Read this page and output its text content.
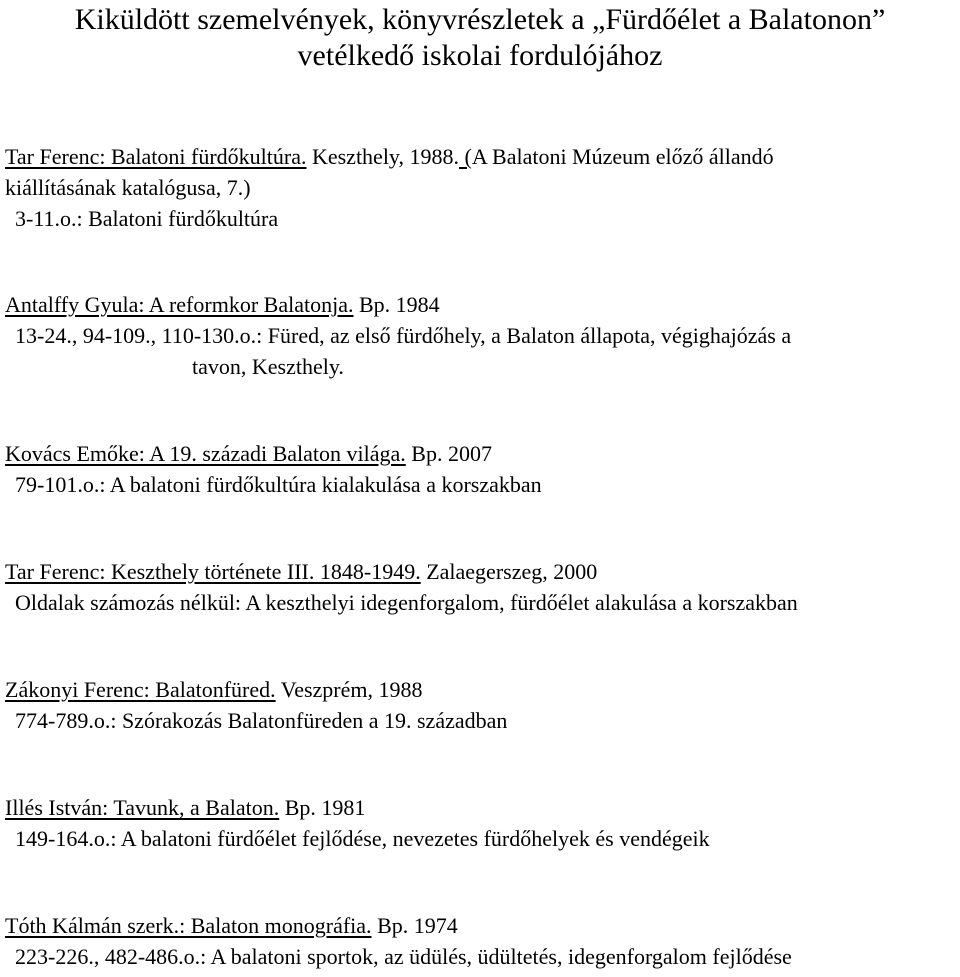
Kiküldött szemelvények, könyvrészletek a „Fürdőélet a Balatonon”
vetélkedő iskolai fordulójához
Tar Ferenc: Balatoni fürdőkultúra. Keszthely, 1988. (A Balatoni Múzeum előző állandó
kiállításának katalógusa, 7.)
3-11.o.: Balatoni fürdőkultúra
Antalffy Gyula: A reformkor Balatonja. Bp. 1984
13-24., 94-109., 110-130.o.: Füred, az első fürdőhely, a Balaton állapota, végighajózás a
tavon, Keszthely.
Kovács Emőke: A 19. századi Balaton világa. Bp. 2007
79-101.o.: A balatoni fürdőkultúra kialakulása a korszakban
Tar Ferenc: Keszthely története III. 1848-1949. Zalaegerszeg, 2000
Oldalak számozás nélkül: A keszthelyi idegenforgalom, fürdőélet alakulása a korszakban
Zákonyi Ferenc: Balatonfüred. Veszprém, 1988
774-789.o.: Szórakozás Balatonfüreden a 19. században
Illés István: Tavunk, a Balaton. Bp. 1981
149-164.o.: A balatoni fürdőélet fejlődése, nevezetes fürdőhelyek és vendégeik
Tóth Kálmán szerk.: Balaton monográfia. Bp. 1974
223-226., 482-486.o.: A balatoni sportok, az üdülés, üdültetés, idegenforgalom fejlődése
